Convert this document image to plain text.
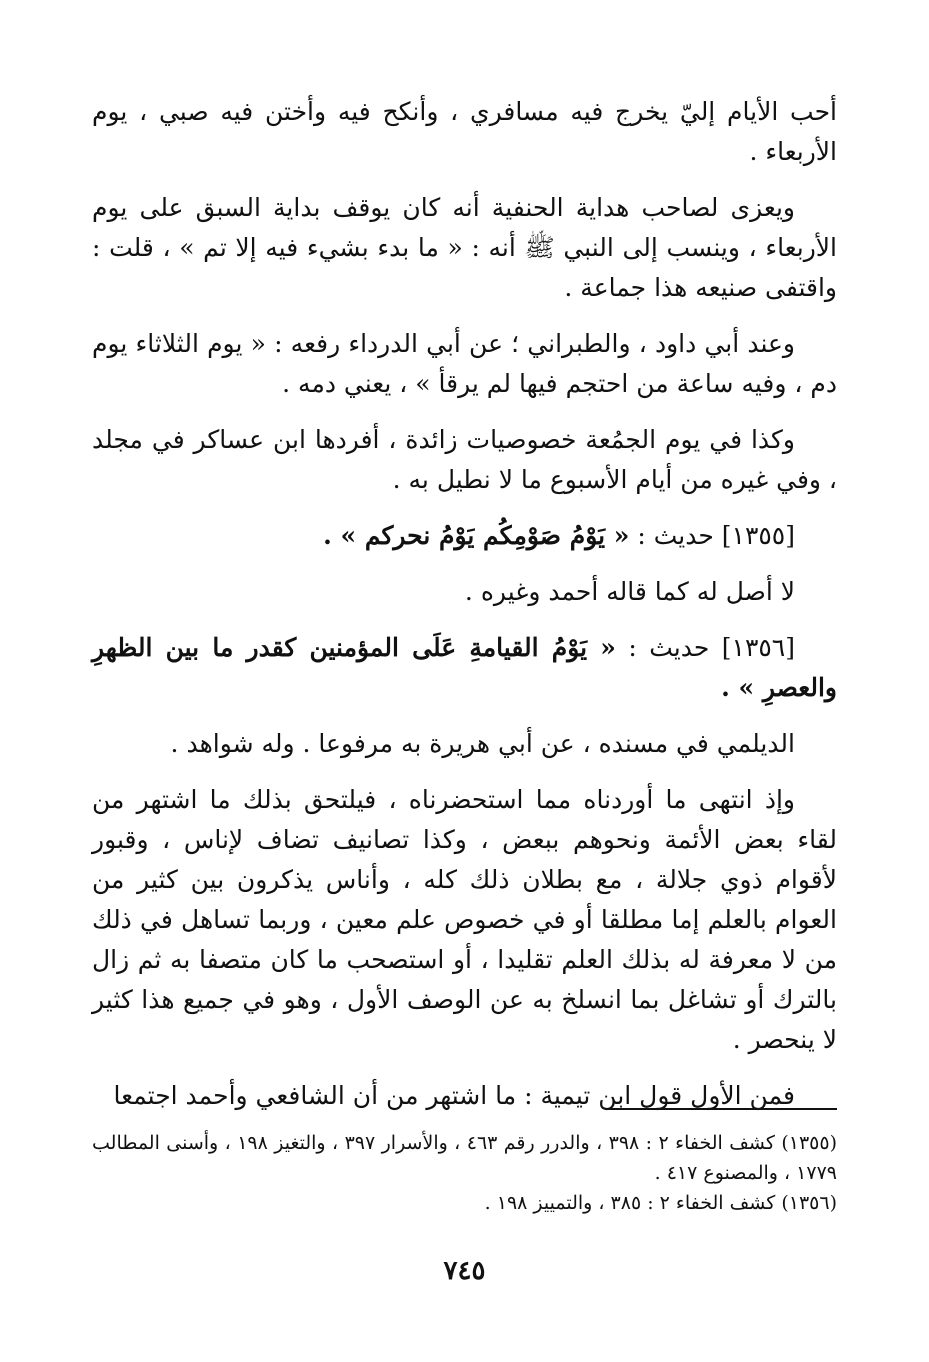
أحب الأيام إليّ يخرج فيه مسافري ، وأنكح فيه وأختن فيه صبي ، يوم الأربعاء .

ويعزى لصاحب هداية الحنفية أنه كان يوقف بداية السبق على يوم الأربعاء ، وينسب إلى النبي ﷺ أنه : « ما بدء بشيء فيه إلا تم » ، قلت : واقتفى صنيعه هذا جماعة .

وعند أبي داود ، والطبراني ؛ عن أبي الدرداء رفعه : « يوم الثلاثاء يوم دم ، وفيه ساعة من احتجم فيها لم يرقأ » ، يعني دمه .

وكذا في يوم الجمُعة خصوصيات زائدة ، أفردها ابن عساكر في مجلد ، وفي غيره من أيام الأسبوع ما لا نطيل به .

[١٣٥٥] حديث : « يَوْمُ صَوْمِكُم يَوْمُ نحركم » .

لا أصل له كما قاله أحمد وغيره .

[١٣٥٦] حديث : « يَوْمُ القيامةِ عَلَى المؤمنين كقدر ما بين الظهرِ والعصرِ » .

الديلمي في مسنده ، عن أبي هريرة به مرفوعا . وله شواهد .

وإذ انتهى ما أوردناه مما استحضرناه ، فيلتحق بذلك ما اشتهر من لقاء بعض الأئمة ونحوهم ببعض ، وكذا تصانيف تضاف لإناس ، وقبور لأقوام ذوي جلالة ، مع بطلان ذلك كله ، وأناس يذكرون بين كثير من العوام بالعلم إما مطلقا أو في خصوص علم معين ، وربما تساهل في ذلك من لا معرفة له بذلك العلم تقليدا ، أو استصحب ما كان متصفا به ثم زال بالترك أو تشاغل بما انسلخ به عن الوصف الأول ، وهو في جميع هذا كثير لا ينحصر .

فمن الأول قول ابن تيمية : ما اشتهر من أن الشافعي وأحمد اجتمعا

(١٣٥٥) كشف الخفاء ٢ : ٣٩٨ ، والدرر رقم ٤٦٣ ، والأسرار ٣٩٧ ، والتغيز ١٩٨ ، وأسنى المطالب ١٧٧٩ ، والمصنوع ٤١٧ .

(١٣٥٦) كشف الخفاء ٢ : ٣٨٥ ، والتمييز ١٩٨ .

٧٤٥
